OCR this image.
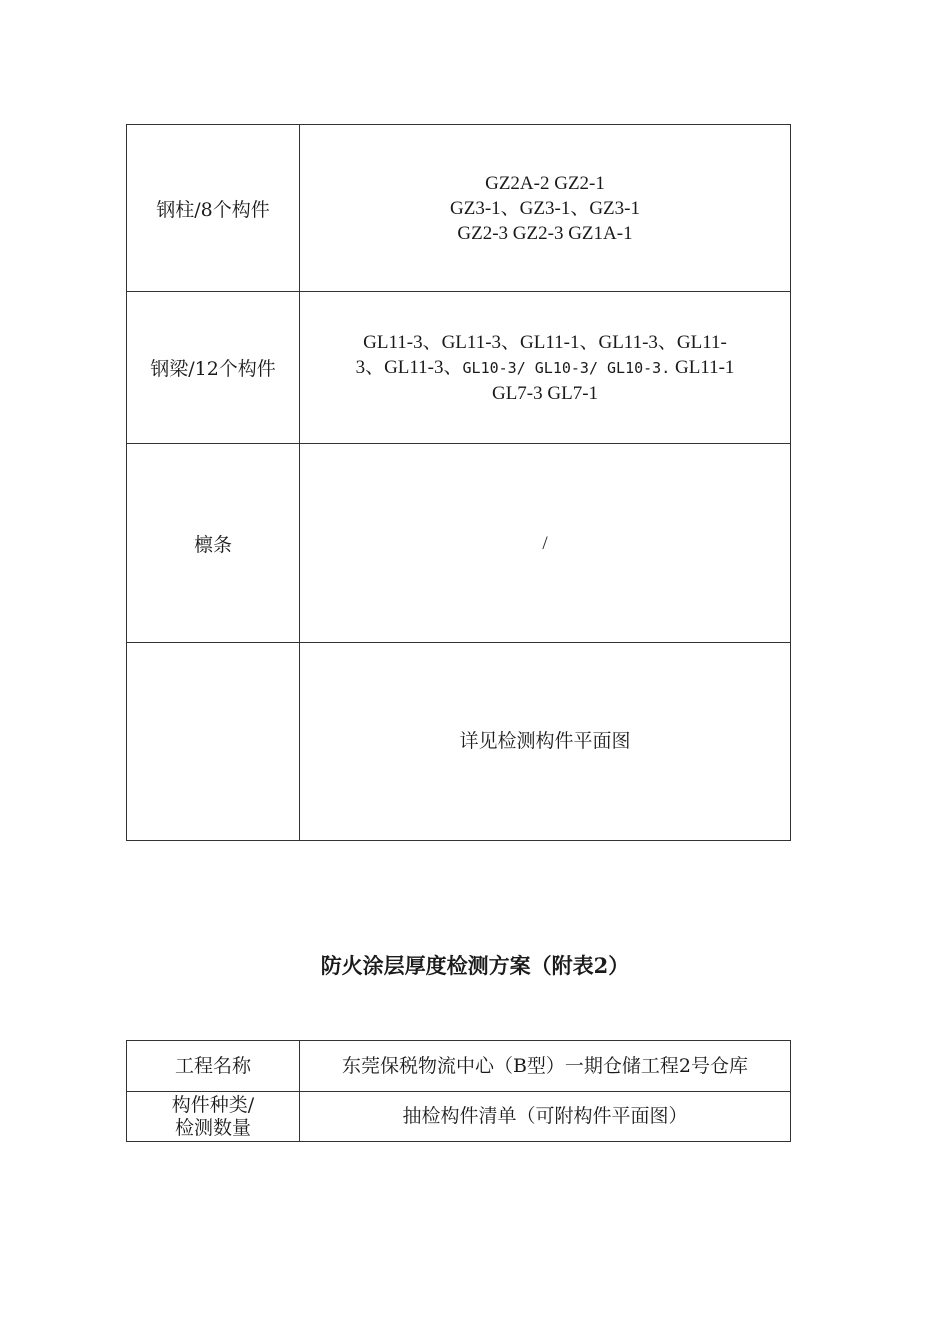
钢柱/8个构件	GZ2A-2 GZ2-1
GZ3-1、GZ3-1、GZ3-1
GZ2-3 GZ2-3 GZ1A-1

钢梁/12个构件	GL11-3、GL11-3、GL11-1、GL11-3、GL11-
3、GL11-3、GL10-3/ GL10-3/ GL10-3. GL11-1
GL7-3 GL7-1

檩条	/
	详见检测构件平面图
防火涂层厚度检测方案（附表2）
工程名称	东莞保税物流中心（B型）一期仓储工程2号仓库

构件种类/
检测数量	抽检构件清单（可附构件平面图）
